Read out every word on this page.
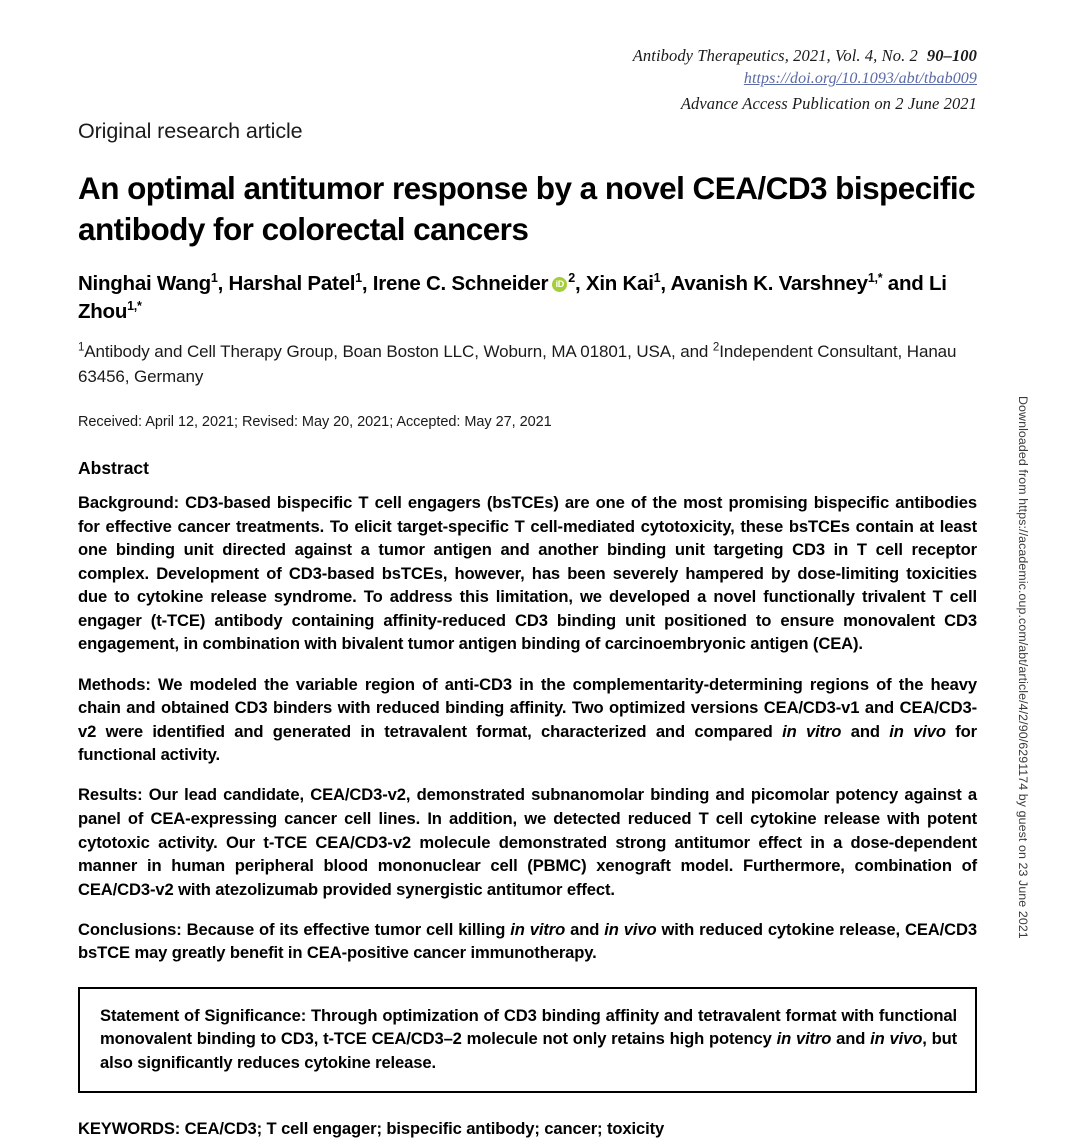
Antibody Therapeutics, 2021, Vol. 4, No. 2 90–100
https://doi.org/10.1093/abt/tbab009
Advance Access Publication on 2 June 2021
Original research article
An optimal antitumor response by a novel CEA/CD3 bispecific antibody for colorectal cancers
Ninghai Wang$^1$, Harshal Patel$^1$, Irene C. Schneider iD $^2$, Xin Kai$^1$, Avanish K. Varshney$^{1,*}$ and Li Zhou$^{1,*}$
$^1$Antibody and Cell Therapy Group, Boan Boston LLC, Woburn, MA 01801, USA, and $^2$Independent Consultant, Hanau 63456, Germany
Received: April 12, 2021; Revised: May 20, 2021; Accepted: May 27, 2021
Abstract

Background: CD3-based bispecific T cell engagers (bsTCEs) are one of the most promising bispecific antibodies for effective cancer treatments. To elicit target-specific T cell-mediated cytotoxicity, these bsTCEs contain at least one binding unit directed against a tumor antigen and another binding unit targeting CD3 in T cell receptor complex. Development of CD3-based bsTCEs, however, has been severely hampered by dose-limiting toxicities due to cytokine release syndrome. To address this limitation, we developed a novel functionally trivalent T cell engager (t-TCE) antibody containing affinity-reduced CD3 binding unit positioned to ensure monovalent CD3 engagement, in combination with bivalent tumor antigen binding of carcinoembryonic antigen (CEA).

Methods: We modeled the variable region of anti-CD3 in the complementarity-determining regions of the heavy chain and obtained CD3 binders with reduced binding affinity. Two optimized versions CEA/CD3-v1 and CEA/CD3-v2 were identified and generated in tetravalent format, characterized and compared in vitro and in vivo for functional activity.

Results: Our lead candidate, CEA/CD3-v2, demonstrated subnanomolar binding and picomolar potency against a panel of CEA-expressing cancer cell lines. In addition, we detected reduced T cell cytokine release with potent cytotoxic activity. Our t-TCE CEA/CD3-v2 molecule demonstrated strong antitumor effect in a dose-dependent manner in human peripheral blood mononuclear cell (PBMC) xenograft model. Furthermore, combination of CEA/CD3-v2 with atezolizumab provided synergistic antitumor effect.

Conclusions: Because of its effective tumor cell killing in vitro and in vivo with reduced cytokine release, CEA/CD3 bsTCE may greatly benefit in CEA-positive cancer immunotherapy.

Statement of Significance: Through optimization of CD3 binding affinity and tetravalent format with functional monovalent binding to CD3, t-TCE CEA/CD3–2 molecule not only retains high potency in vitro and in vivo, but also significantly reduces cytokine release.

KEYWORDS: CEA/CD3; T cell engager; bispecific antibody; cancer; toxicity
Downloaded from https://academic.oup.com/abt/article/4/2/90/6291174 by guest on 23 June 2021
